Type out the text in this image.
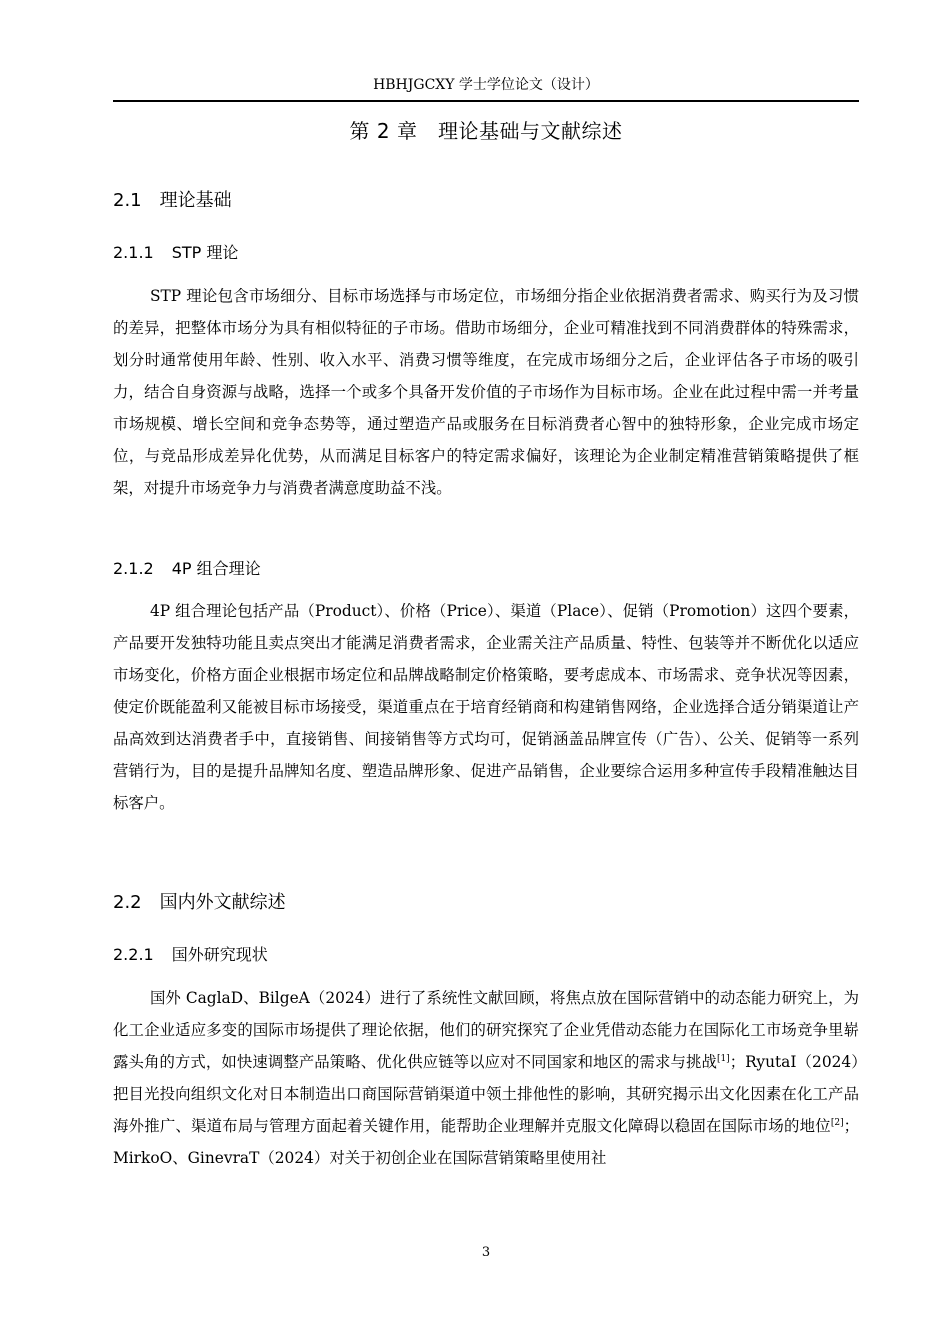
HBHJGCXY 学士学位论文（设计）
第 2 章　理论基础与文献综述
2.1 理论基础
2.1.1 STP 理论

STP 理论包含市场细分、目标市场选择与市场定位，市场细分指企业依据消费者需求、购买行为及习惯的差异，把整体市场分为具有相似特征的子市场。借助市场细分，企业可精准找到不同消费群体的特殊需求，划分时通常使用年龄、性别、收入水平、消费习惯等维度，在完成市场细分之后，企业评估各子市场的吸引力，结合自身资源与战略，选择一个或多个具备开发价值的子市场作为目标市场。企业在此过程中需一并考量市场规模、增长空间和竞争态势等，通过塑造产品或服务在目标消费者心智中的独特形象，企业完成市场定位，与竞品形成差异化优势，从而满足目标客户的特定需求偏好，该理论为企业制定精准营销策略提供了框架，对提升市场竞争力与消费者满意度助益不浅。

2.1.2 4P 组合理论

4P 组合理论包括产品（Product）、价格（Price）、渠道（Place）、促销（Promotion）这四个要素，产品要开发独特功能且卖点突出才能满足消费者需求，企业需关注产品质量、特性、包装等并不断优化以适应市场变化，价格方面企业根据市场定位和品牌战略制定价格策略，要考虑成本、市场需求、竞争状况等因素，使定价既能盈利又能被目标市场接受，渠道重点在于培育经销商和构建销售网络，企业选择合适分销渠道让产品高效到达消费者手中，直接销售、间接销售等方式均可，促销涵盖品牌宣传（广告）、公关、促销等一系列营销行为，目的是提升品牌知名度、塑造品牌形象、促进产品销售，企业要综合运用多种宣传手段精准触达目标客户。

2.2 国内外文献综述
2.2.1 国外研究现状

国外 CaglaD、BilgeA（2024）进行了系统性文献回顾，将焦点放在国际营销中的动态能力研究上，为化工企业适应多变的国际市场提供了理论依据，他们的研究探究了企业凭借动态能力在国际化工市场竞争里崭露头角的方式，如快速调整产品策略、优化供应链等以应对不同国家和地区的需求与挑战[1]；RyutaI（2024）把目光投向组织文化对日本制造出口商国际营销渠道中领土排他性的影响，其研究揭示出文化因素在化工产品海外推广、渠道布局与管理方面起着关键作用，能帮助企业理解并克服文化障碍以稳固在国际市场的地位[2]；MirkoO、GinevraT（2024）对关于初创企业在国际营销策略里使用社

3
